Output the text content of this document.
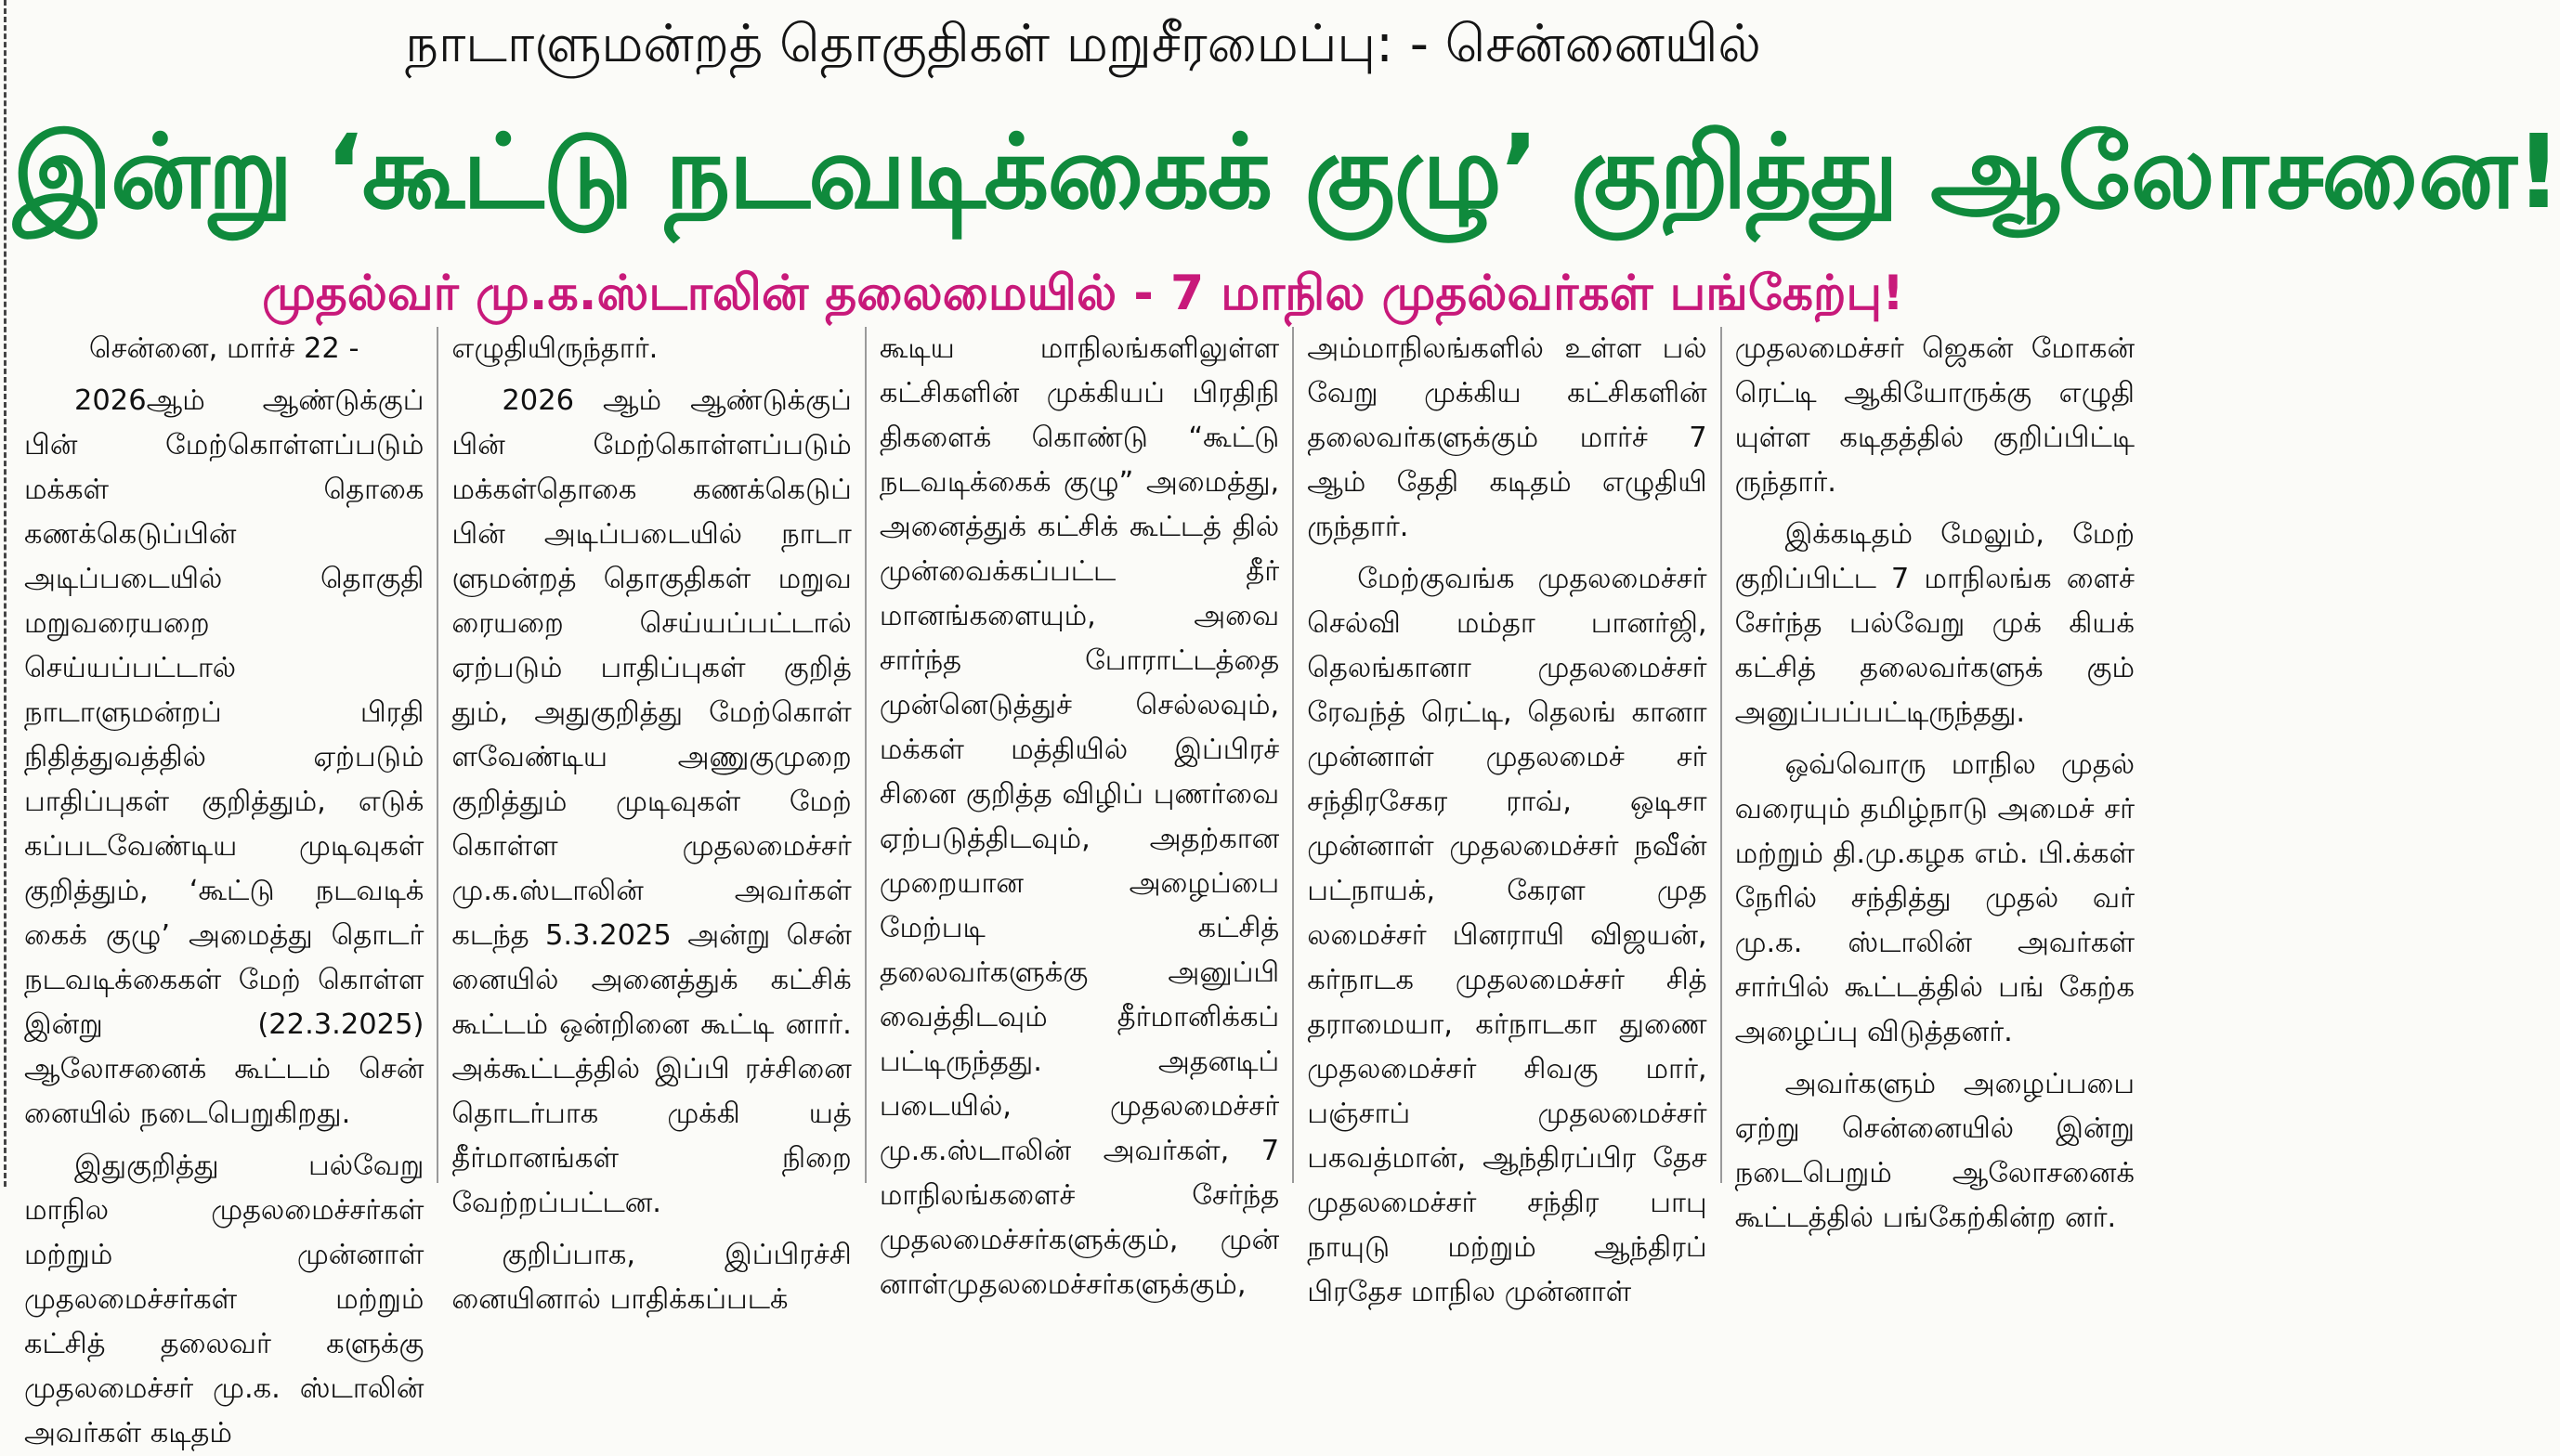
நாடாளுமன்றத் தொகுதிகள் மறுசீரமைப்பு: - சென்னையில்
இன்று ‘கூட்டு நடவடிக்கைக் குழு’ குறித்து ஆலோசனை!
முதல்வர் மு.க.ஸ்டாலின் தலைமையில் - 7 மாநில முதல்வர்கள் பங்கேற்பு!

சென்னை, மார்ச் 22 -

2026ஆம் ஆண்டுக்குப் பின் மேற்கொள்ளப்படும் மக்கள் தொகை கணக்கெடுப்பின் அடிப்படையில் தொகுதி மறுவரையறை செய்யப்பட்டால் நாடாளுமன்றப் பிரதி நிதித்துவத்தில் ஏற்படும் பாதிப்புகள் குறித்தும், எடுக் கப்படவேண்டிய முடிவுகள் குறித்தும், ‘கூட்டு நடவடிக் கைக் குழு’ அமைத்து தொடர் நடவடிக்கைகள் மேற் கொள்ள இன்று (22.3.2025) ஆலோசனைக் கூட்டம் சென் னையில் நடைபெறுகிறது.

இதுகுறித்து பல்வேறு மாநில முதலமைச்சர்கள் மற்றும் முன்னாள் முதலமைச்சர்கள் மற்றும் கட்சித் தலைவர் களுக்கு முதலமைச்சர் மு.க. ஸ்டாலின் அவர்கள் கடிதம்

எழுதியிருந்தார்.

2026 ஆம் ஆண்டுக்குப் பின் மேற்கொள்ளப்படும் மக்கள்தொகை கணக்கெடுப் பின் அடிப்படையில் நாடா ளுமன்றத் தொகுதிகள் மறுவ ரையறை செய்யப்பட்டால் ஏற்படும் பாதிப்புகள் குறித் தும், அதுகுறித்து மேற்கொள் ளவேண்டிய அணுகுமுறை குறித்தும் முடிவுகள் மேற் கொள்ள முதலமைச்சர் மு.க.ஸ்டாலின் அவர்கள் கடந்த 5.3.2025 அன்று சென் னையில் அனைத்துக் கட்சிக் கூட்டம் ஒன்றினை கூட்டி னார். அக்கூட்டத்தில் இப்பி ரச்சினை தொடர்பாக முக்கி யத் தீர்மானங்கள் நிறை வேற்றப்பட்டன.

குறிப்பாக, இப்பிரச்சி னையினால் பாதிக்கப்படக்

கூடிய மாநிலங்களிலுள்ள கட்சிகளின் முக்கியப் பிரதிநி திகளைக் கொண்டு “கூட்டு நடவடிக்கைக் குழு” அமைத்து, அனைத்துக் கட்சிக் கூட்டத் தில் முன்வைக்கப்பட்ட தீர் மானங்களையும், அவை சார்ந்த போராட்டத்தை முன்னெடுத்துச் செல்லவும், மக்கள் மத்தியில் இப்பிரச் சினை குறித்த விழிப் புணர்வை ஏற்படுத்திடவும், அதற்கான முறையான அழைப்பை மேற்படி கட்சித் தலைவர்களுக்கு அனுப்பி வைத்திடவும் தீர்மானிக்கப் பட்டிருந்தது. அதனடிப் படையில், முதலமைச்சர் மு.க.ஸ்டாலின் அவர்கள், 7 மாநிலங்களைச் சேர்ந்த முதலமைச்சர்களுக்கும், முன் னாள்முதலமைச்சர்களுக்கும்,

அம்மாநிலங்களில் உள்ள பல் வேறு முக்கிய கட்சிகளின் தலைவர்களுக்கும் மார்ச் 7 ஆம் தேதி கடிதம் எழுதியி ருந்தார்.

மேற்குவங்க முதலமைச்சர் செல்வி மம்தா பானர்ஜி, தெலங்கானா முதலமைச்சர் ரேவந்த் ரெட்டி, தெலங் கானா முன்னாள் முதலமைச் சர் சந்திரசேகர ராவ், ஒடிசா முன்னாள் முதலமைச்சர் நவீன் பட்நாயக், கேரள முத லமைச்சர் பினராயி விஜயன், கர்நாடக முதலமைச்சர் சித் தராமையா, கர்நாடகா துணை முதலமைச்சர் சிவகு மார், பஞ்சாப் முதலமைச்சர் பகவத்மான், ஆந்திரப்பிர தேச முதலமைச்சர் சந்திர பாபு நாயுடு மற்றும் ஆந்திரப் பிரதேச மாநில முன்னாள்

முதலமைச்சர் ஜெகன் மோகன் ரெட்டி ஆகியோருக்கு எழுதி யுள்ள கடிதத்தில் குறிப்பிட்டி ருந்தார்.

இக்கடிதம் மேலும், மேற் குறிப்பிட்ட 7 மாநிலங்க ளைச் சேர்ந்த பல்வேறு முக் கியக் கட்சித் தலைவர்களுக் கும் அனுப்பப்பட்டிருந்தது.

ஒவ்வொரு மாநில முதல் வரையும் தமிழ்நாடு அமைச் சர் மற்றும் தி.மு.கழக எம். பி.க்கள் நேரில் சந்தித்து முதல் வர் மு.க. ஸ்டாலின் அவர்கள் சார்பில் கூட்டத்தில் பங் கேற்க அழைப்பு விடுத்தனர்.

அவர்களும் அழைப்பபை ஏற்று சென்னையில் இன்று நடைபெறும் ஆலோசனைக் கூட்டத்தில் பங்கேற்கின்ற னர்.
